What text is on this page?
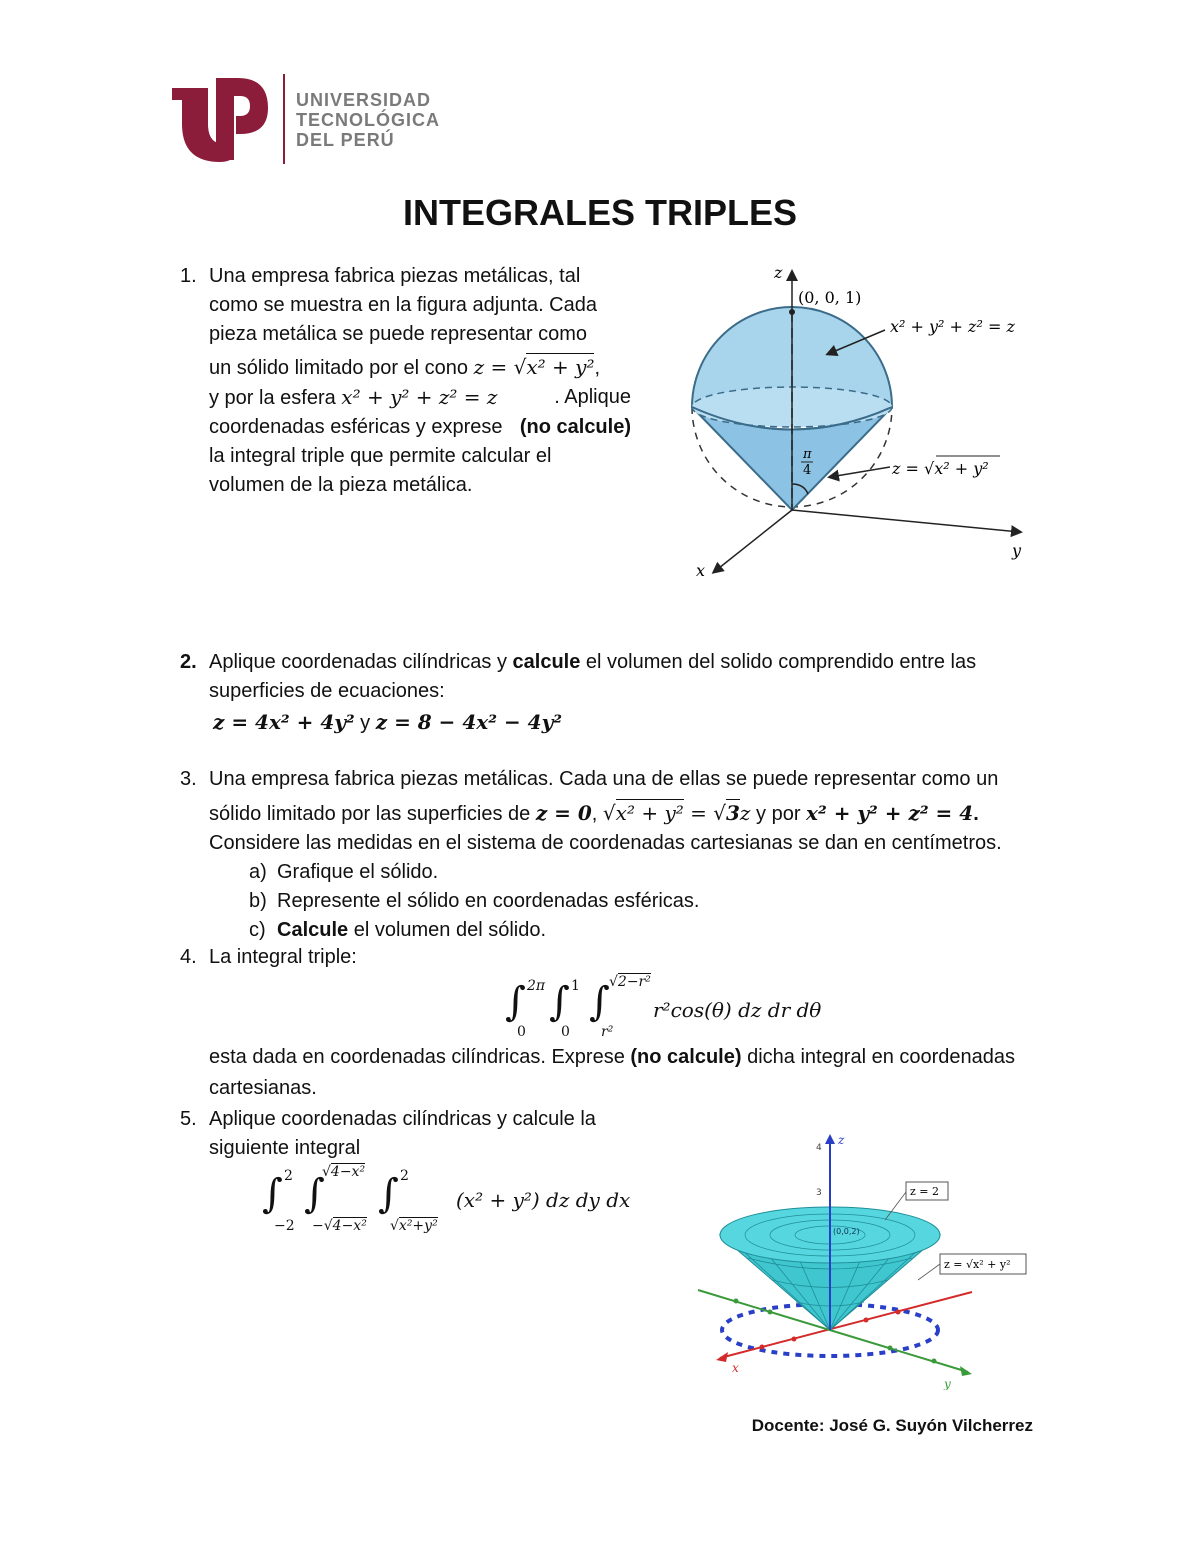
UNIVERSIDAD
TECNOLÓGICA
DEL PERÚ
INTEGRALES TRIPLES
1. Una empresa fabrica piezas metálicas, tal
como se muestra en la figura adjunta. Cada
pieza metálica se puede representar como
un sólido limitado por el cono z = √x² + y²,
y por la esfera x² + y² + z² = z	. Aplique
coordenadas esféricas y exprese (no calcule)
la integral triple que permite calcular el
volumen de la pieza metálica.
z
x
y
(0, 0, 1)
x² + y² + z² = z
π
4	z = √x² + y²
2. Aplique coordenadas cilíndricas y calcule el volumen del solido comprendido entre las
superficies de ecuaciones:
z = 4x² + 4y² y z = 8 − 4x² − 4y²
3. Una empresa fabrica piezas metálicas. Cada una de ellas se puede representar como un
sólido limitado por las superficies de z = 0, √x² + y² = √3z y por x² + y² + z² = 4.
Considere las medidas en el sistema de coordenadas cartesianas se dan en centímetros.
a) Grafique el sólido.
b) Represente el sólido en coordenadas esféricas.
c) Calcule el volumen del sólido.
4. La integral triple:
∫ 2π
0
∫ 1
0
∫ √2−r²
r²
r²cos(θ) dz dr dθ
esta dada en coordenadas cilíndricas. Exprese (no calcule) dicha integral en coordenadas
cartesianas.
5. Aplique coordenadas cilíndricas y calcule la
siguiente integral
∫ 2
−2
∫
√4−x²
−√4−x²
∫ 2
√x²+y²
(x² + y²) dz dy dx	z = 2
z = √x² + y²
z
x
y
4
3
(0,0,2)
Docente: José G. Suyón Vilcherrez
